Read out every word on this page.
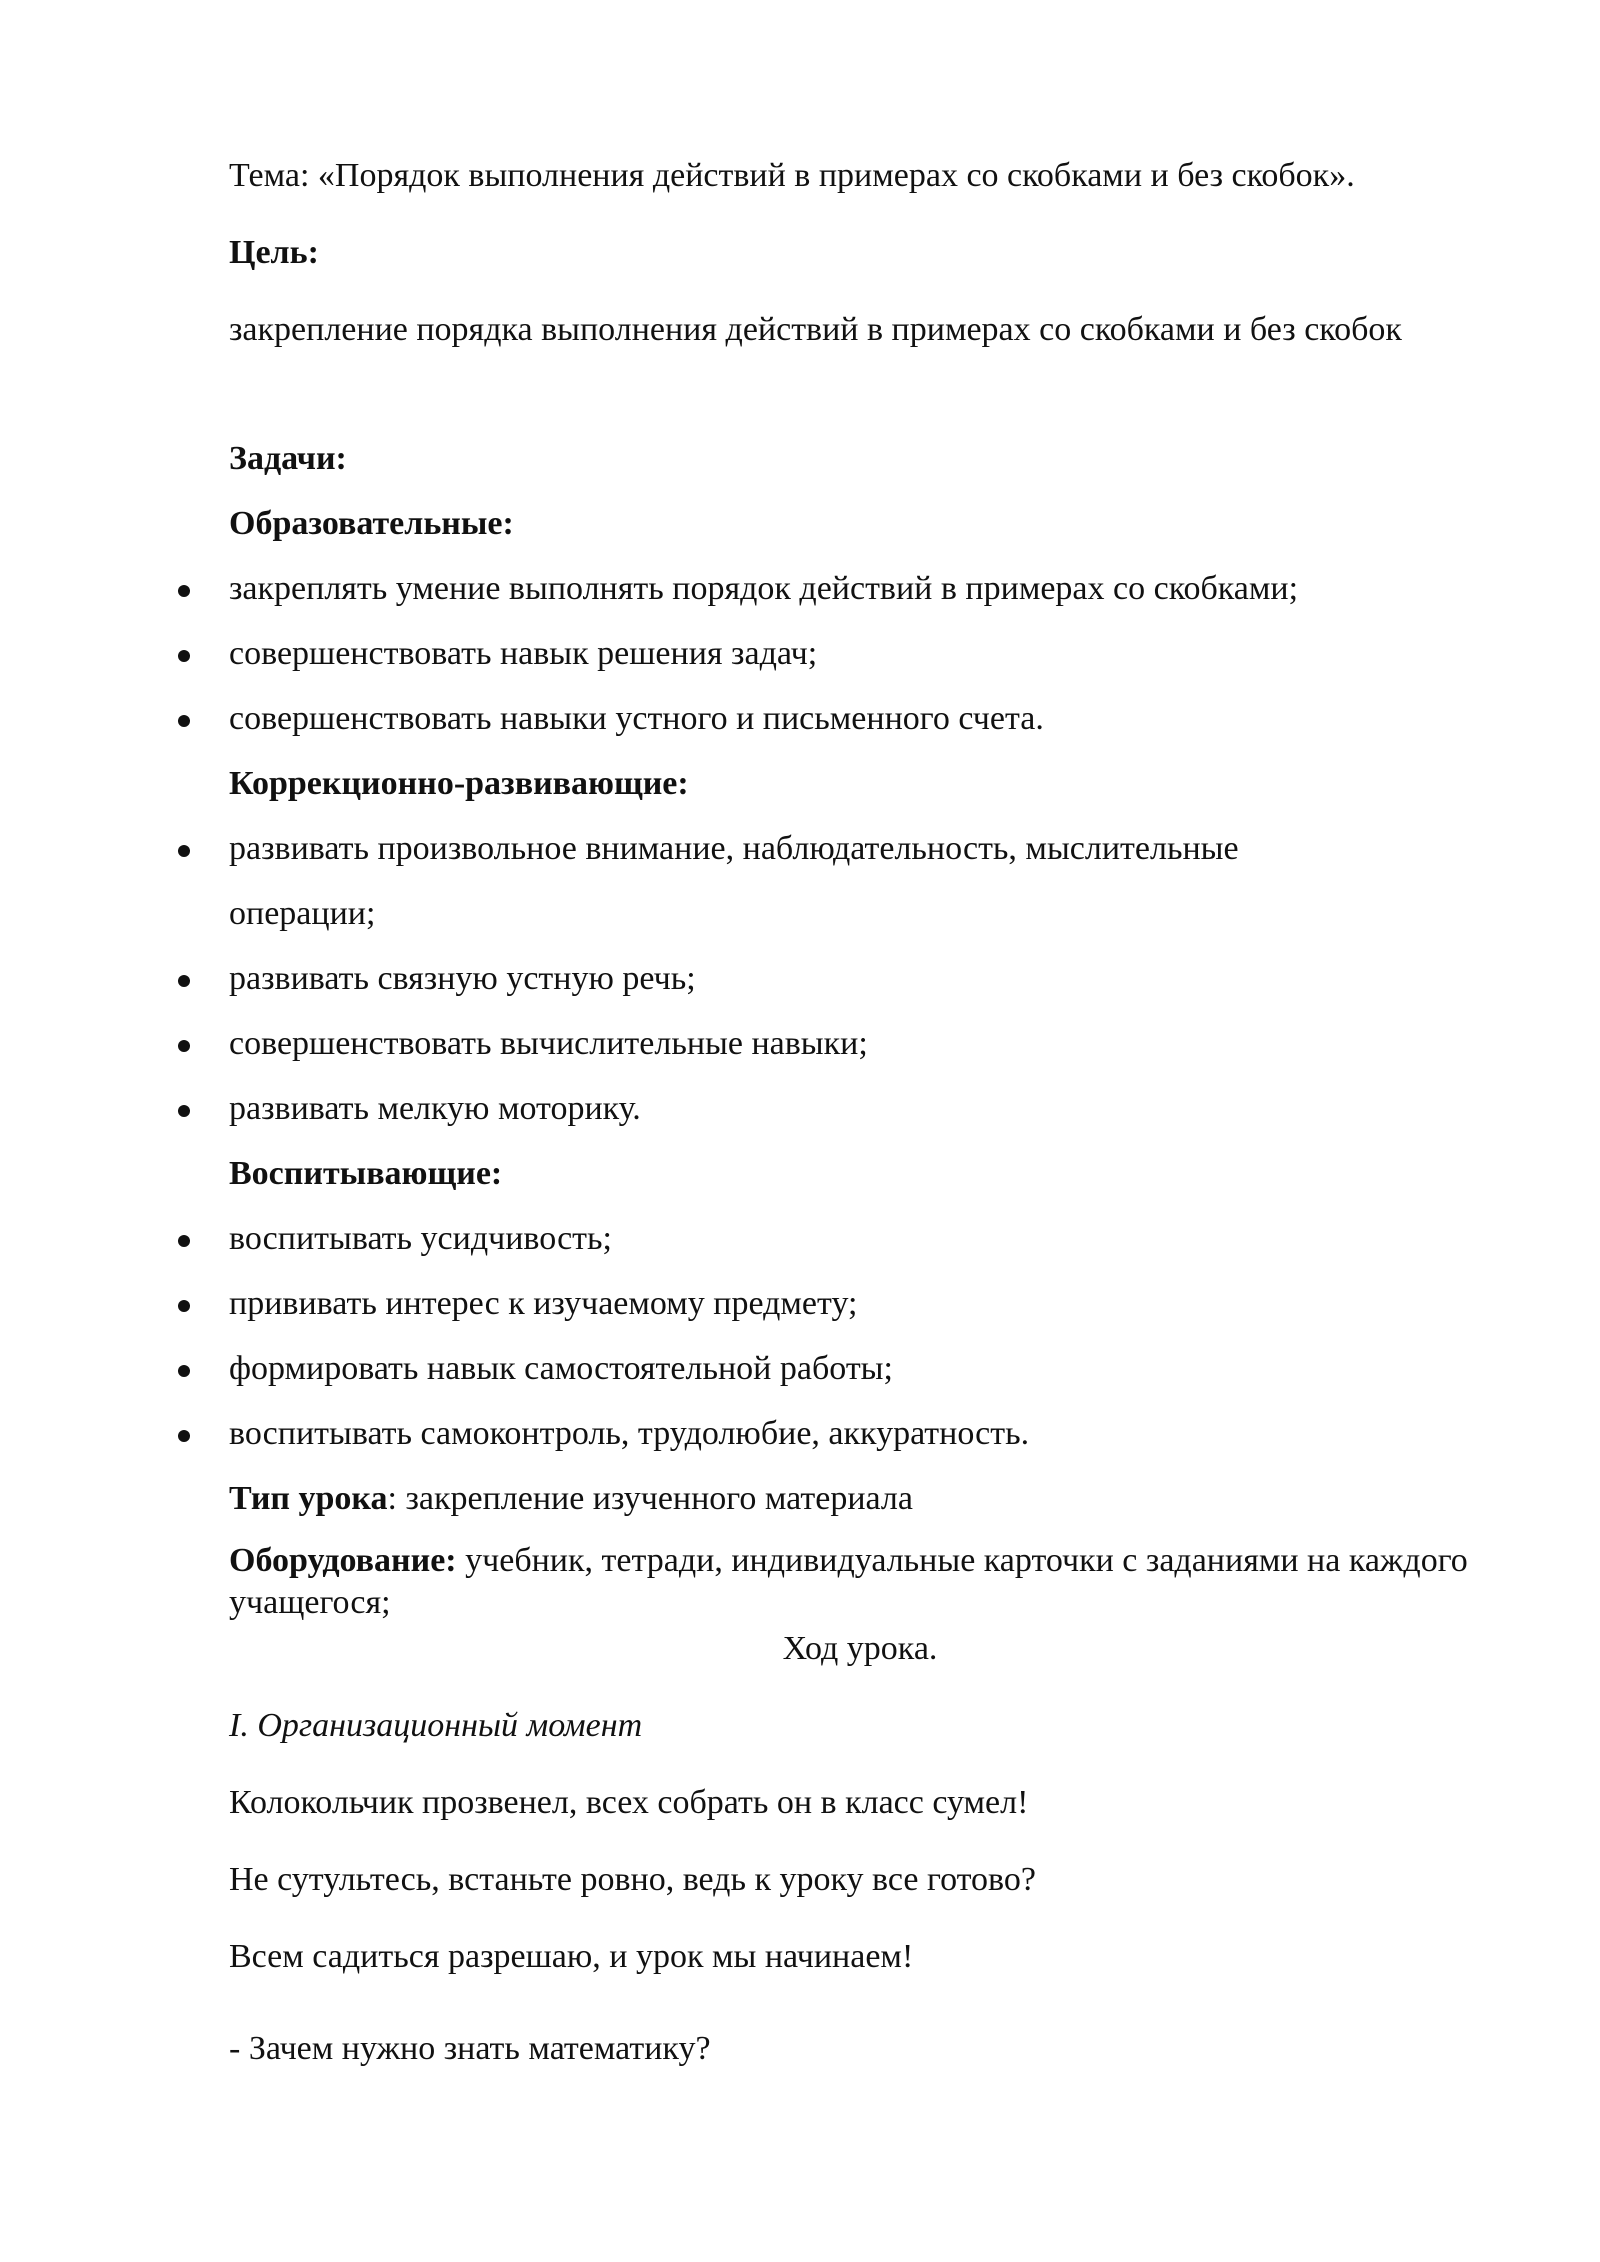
Тема: «Порядок выполнения действий в примерах со скобками и без скобок».
Цель:
закрепление порядка выполнения действий в примерах со скобками и без скобок
Задачи:
Образовательные:
закреплять умение выполнять порядок действий в примерах со скобками;
совершенствовать навык решения задач;
совершенствовать навыки устного и письменного счета.
Коррекционно-развивающие:
развивать произвольное внимание, наблюдательность, мыслительные
операции;
развивать связную устную речь;
совершенствовать вычислительные навыки;
развивать мелкую моторику.
Воспитывающие:
воспитывать усидчивость;
прививать интерес к изучаемому предмету;
формировать навык самостоятельной работы;
воспитывать самоконтроль, трудолюбие, аккуратность.
Тип урока: закрепление изученного материала
Оборудование: учебник, тетради, индивидуальные карточки с заданиями на каждого учащегося;
Ход урока.
I. Организационный момент
Колокольчик прозвенел, всех собрать он в класс сумел!
Не сутультесь, встаньте ровно, ведь к уроку все готово?
Всем садиться разрешаю, и урок мы начинаем!
- Зачем нужно знать математику?
